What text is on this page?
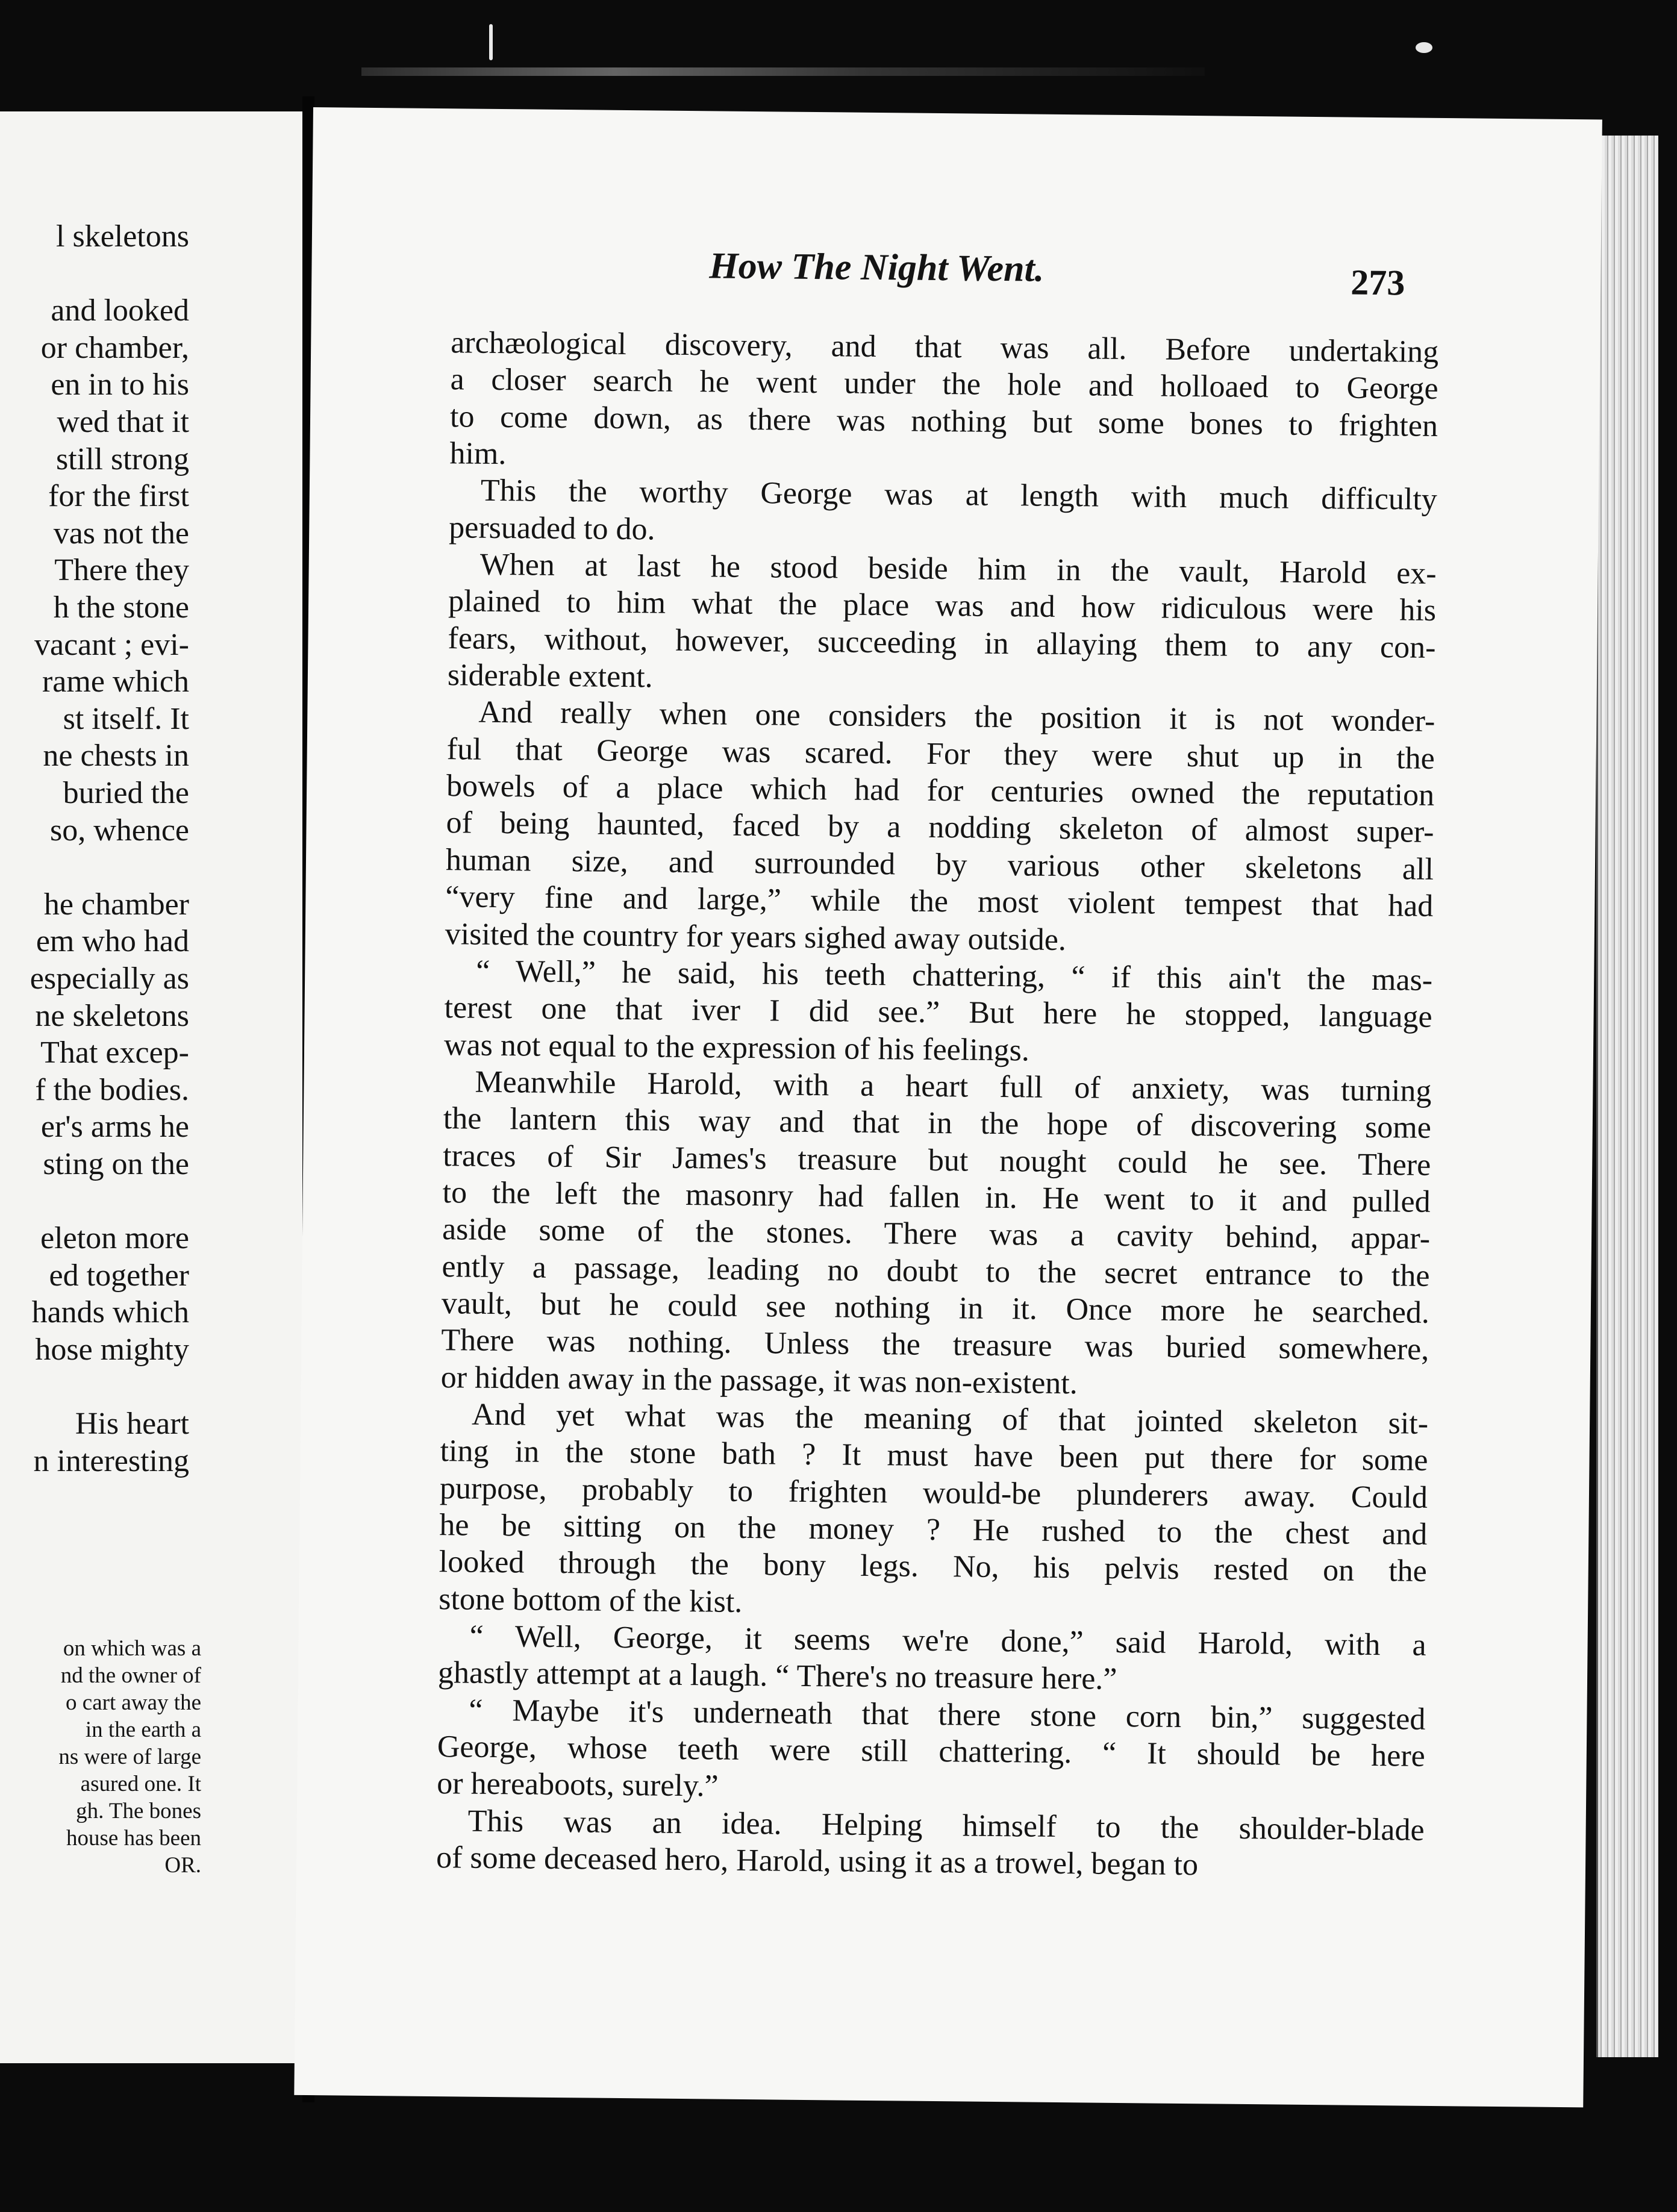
l skeletons
and looked
or chamber,
en in to his
wed that it
still strong
for the first
vas not the
There they
h the stone
vacant ; evi-
rame which
st itself. It
ne chests in
buried the
so, whence
he chamber
em who had
especially as
ne skeletons
That excep-
f the bodies.
er's arms he
sting on the
eleton more
ed together
hands which
hose mighty
His heart
n interesting
on which was a
nd the owner of
o cart away the
in the earth a
ns were of large
asured one. It
gh. The bones
house has been
OR.
How The Night Went.	273
archæological discovery, and that was all. Before undertaking
a closer search he went under the hole and holloaed to George
to come down, as there was nothing but some bones to frighten
him.
This the worthy George was at length with much difficulty
persuaded to do.
When at last he stood beside him in the vault, Harold ex-
plained to him what the place was and how ridiculous were his
fears, without, however, succeeding in allaying them to any con-
siderable extent.
And really when one considers the position it is not wonder-
ful that George was scared. For they were shut up in the
bowels of a place which had for centuries owned the reputation
of being haunted, faced by a nodding skeleton of almost super-
human size, and surrounded by various other skeletons all
“very fine and large,” while the most violent tempest that had
visited the country for years sighed away outside.
“ Well,” he said, his teeth chattering, “ if this ain't the mas-
terest one that iver I did see.” But here he stopped, language
was not equal to the expression of his feelings.
Meanwhile Harold, with a heart full of anxiety, was turning
the lantern this way and that in the hope of discovering some
traces of Sir James's treasure but nought could he see. There
to the left the masonry had fallen in. He went to it and pulled
aside some of the stones. There was a cavity behind, appar-
ently a passage, leading no doubt to the secret entrance to the
vault, but he could see nothing in it. Once more he searched.
There was nothing. Unless the treasure was buried somewhere,
or hidden away in the passage, it was non-existent.
And yet what was the meaning of that jointed skeleton sit-
ting in the stone bath ? It must have been put there for some
purpose, probably to frighten would-be plunderers away. Could
he be sitting on the money ? He rushed to the chest and
looked through the bony legs. No, his pelvis rested on the
stone bottom of the kist.
“ Well, George, it seems we're done,” said Harold, with a
ghastly attempt at a laugh. “ There's no treasure here.”
“ Maybe it's underneath that there stone corn bin,” suggested
George, whose teeth were still chattering. “ It should be here
or hereaboots, surely.”
This was an idea. Helping himself to the shoulder-blade
of some deceased hero, Harold, using it as a trowel, began to
